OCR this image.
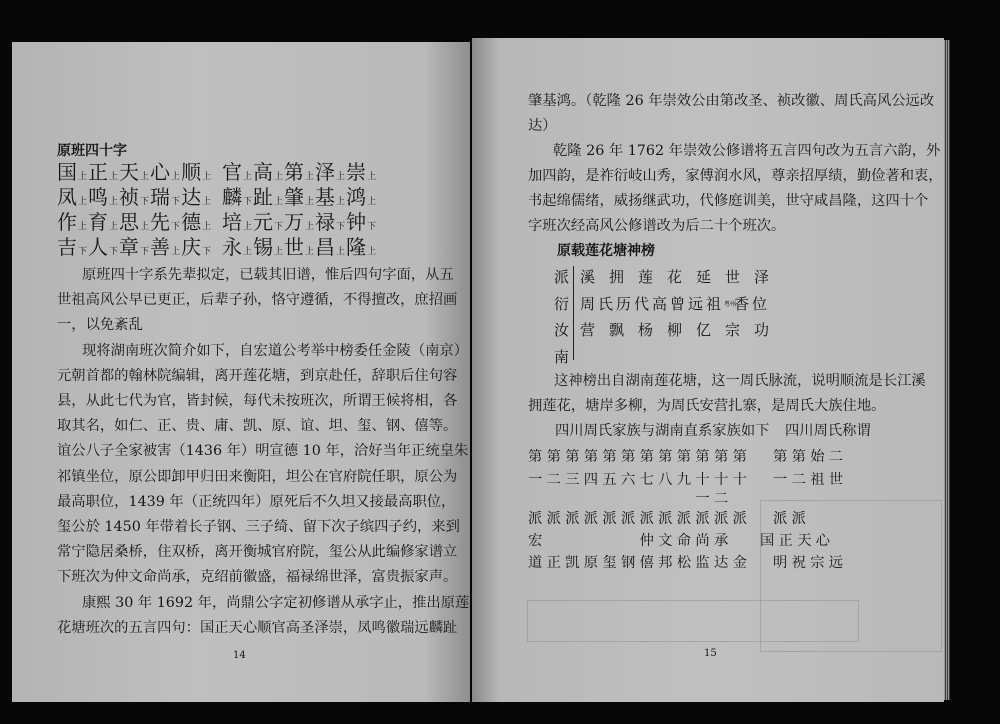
原班四十字
国上正上天上心上顺上 官上高上第上泽上崇上
凤上鸣上祯下瑞下达上 麟下趾上肇上基上鸿上
作上育上思上先下德上 培上元下万上禄下钟下
吉下人下章下善上庆下 永上锡上世上昌上隆上
原班四十字系先辈拟定，已载其旧谱，惟后四句字面，从五
世祖高风公早已更正，后辈子孙，恪守遵循，不得擅改，庶招画
一，以免紊乱
现将湖南班次简介如下，自宏道公考举中榜委任金陵（南京）
元朝首都的翰林院编辑，离开莲花塘，到京赴任，辞职后住句容
县，从此七代为官，皆封候，每代未按班次，所谓王候将相，各
取其名，如仁、正、贵、庸、凯、原、谊、坦、玺、钢、僖等。
谊公八子全家被害（1436 年）明宣德 10 年，洽好当年正统皇朱
祁镇坐位，原公即卸甲归田来衡阳，坦公在官府院任职，原公为
最高职位，1439 年（正统四年）原死后不久坦又接最高职位，
玺公於 1450 年带着长子钢、三子绮、留下次子缤四子约，来到
常宁隐居桑桥，住双桥，离开衡城官府院，玺公从此编修家谱立
下班次为仲文命尚承，克绍前徽盛，福禄绵世泽，富贵振家声。
康熙 30 年 1692 年，尚鼎公字定初修谱从承字止，推出原莲
花塘班次的五言四句：国正天心顺官高圣泽崇，凤鸣徽瑞远麟趾
14
肇基鸿。（乾隆 26 年崇效公由第改圣、祯改徽、周氏高风公远改
达）
乾隆 26 年 1762 年崇效公修谱将五言四句改为五言六韵，外
加四韵，是祚衍岐山秀，家傅润水风，尊亲招厚绩，勤俭著和衷，
书起绵儒绪，威扬继武功，代修庭训美，世守咸昌隆，这四十个
字班次经高风公修谱改为后二十个班次。
原载莲花塘神榜
派
衍
汝
南
溪 拥 莲 花 延 世 泽
周 氏 历 代 高 曾 远 祖 粤州香 位
营 飘 杨 柳 亿 宗 功
这神榜出自湖南莲花塘，这一周氏脉流，说明顺流是长江溪
拥莲花，塘岸多柳，为周氏安营扎寨，是周氏大族住地。
四川周氏家族与湖南直系家族如下 四川周氏称谓
第第第第第第第第第第第第 第第始二
一二三四五六七八九十十十 一二祖世
　　　　　　　　　一二
派派派派派派派派派派派派 派派
宏　　　　　仲文命尚承 国正天心
道正凯原玺钢僖邦松监达金 明祝宗远
15
